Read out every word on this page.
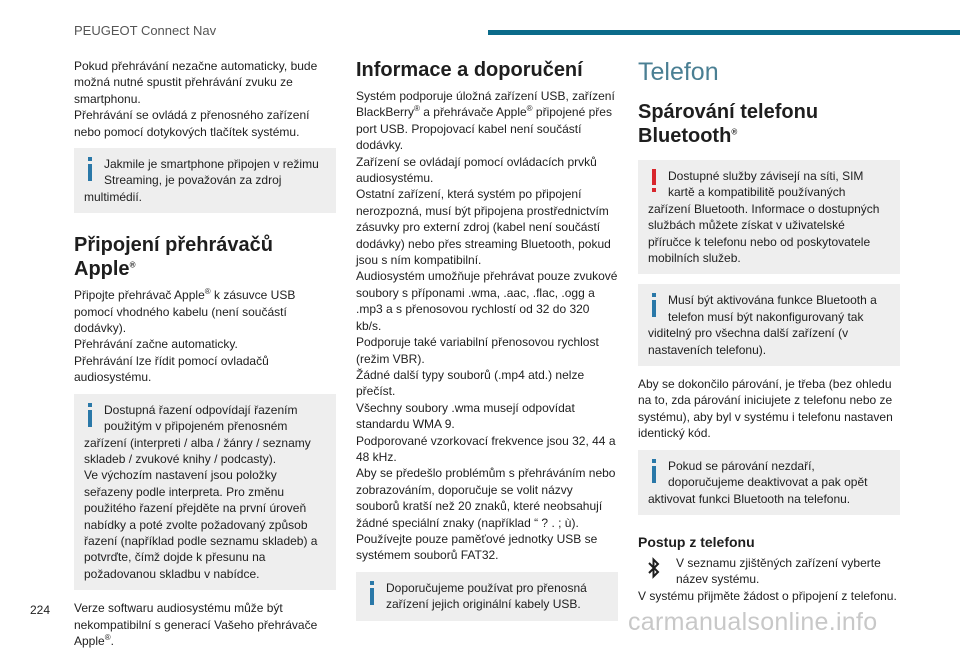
PEUGEOT Connect Nav

Pokud přehrávání nezačne automaticky, bude možná nutné spustit přehrávání zvuku ze smartphonu.
Přehrávání se ovládá z přenosného zařízení nebo pomocí dotykových tlačítek systému.

Jakmile je smartphone připojen v režimu Streaming, je považován za zdroj
multimédií.
Připojení přehrávačů Apple®

Připojte přehrávač Apple® k zásuvce USB pomocí vhodného kabelu (není součástí dodávky).
Přehrávání začne automaticky.
Přehrávání lze řídit pomocí ovladačů audiosystému.

Dostupná řazení odpovídají řazením použitým v připojeném přenosném
zařízení (interpreti / alba / žánry / seznamy skladeb / zvukové knihy / podcasty).
Ve výchozím nastavení jsou položky seřazeny podle interpreta. Pro změnu použitého řazení přejděte na první úroveň nabídky a poté zvolte požadovaný způsob řazení (například podle seznamu skladeb) a potvrďte, čímž dojde k přesunu na požadovanou skladbu v nabídce.

Verze softwaru audiosystému může být nekompatibilní s generací Vašeho přehrávače Apple®.

Informace a doporučení

Systém podporuje úložná zařízení USB, zařízení BlackBerry® a přehrávače Apple® připojené přes port USB. Propojovací kabel není součástí dodávky.
Zařízení se ovládají pomocí ovládacích prvků audiosystému.
Ostatní zařízení, která systém po připojení nerozpozná, musí být připojena prostřednictvím zásuvky pro externí zdroj (kabel není součástí dodávky) nebo přes streaming Bluetooth, pokud jsou s ním kompatibilní.
Audiosystém umožňuje přehrávat pouze zvukové soubory s příponami .wma, .aac, .flac, .ogg a .mp3 a s přenosovou rychlostí od 32 do 320 kb/s.
Podporuje také variabilní přenosovou rychlost (režim VBR).
Žádné další typy souborů (.mp4 atd.) nelze přečíst.
Všechny soubory .wma musejí odpovídat standardu WMA 9.
Podporované vzorkovací frekvence jsou 32, 44 a 48 kHz.
Aby se předešlo problémům s přehráváním nebo zobrazováním, doporučuje se volit názvy souborů kratší než 20 znaků, které neobsahují žádné speciální znaky (například “ ? . ; ù).
Používejte pouze paměťové jednotky USB se systémem souborů FAT32.

Doporučujeme používat pro přenosná
zařízení jejich originální kabely USB.
Telefon
Spárování telefonu Bluetooth®
Dostupné služby závisejí na síti, SIM kartě a kompatibilitě používaných
zařízení Bluetooth. Informace o dostupných službách můžete získat v uživatelské příručce k telefonu nebo od poskytovatele mobilních služeb.
Musí být aktivována funkce Bluetooth a telefon musí být nakonfigurovaný tak
viditelný pro všechna další zařízení (v nastaveních telefonu).

Aby se dokončilo párování, je třeba (bez ohledu na to, zda párování iniciujete z telefonu nebo ze systému), aby byl v systému i telefonu nastaven identický kód.

Pokud se párování nezdaří, doporučujeme deaktivovat a pak opět
aktivovat funkci Bluetooth na telefonu.
Postup z telefonu

V seznamu zjištěných zařízení vyberte název systému.

V systému přijměte žádost o připojení z telefonu.

224	carmanualsonline.info
